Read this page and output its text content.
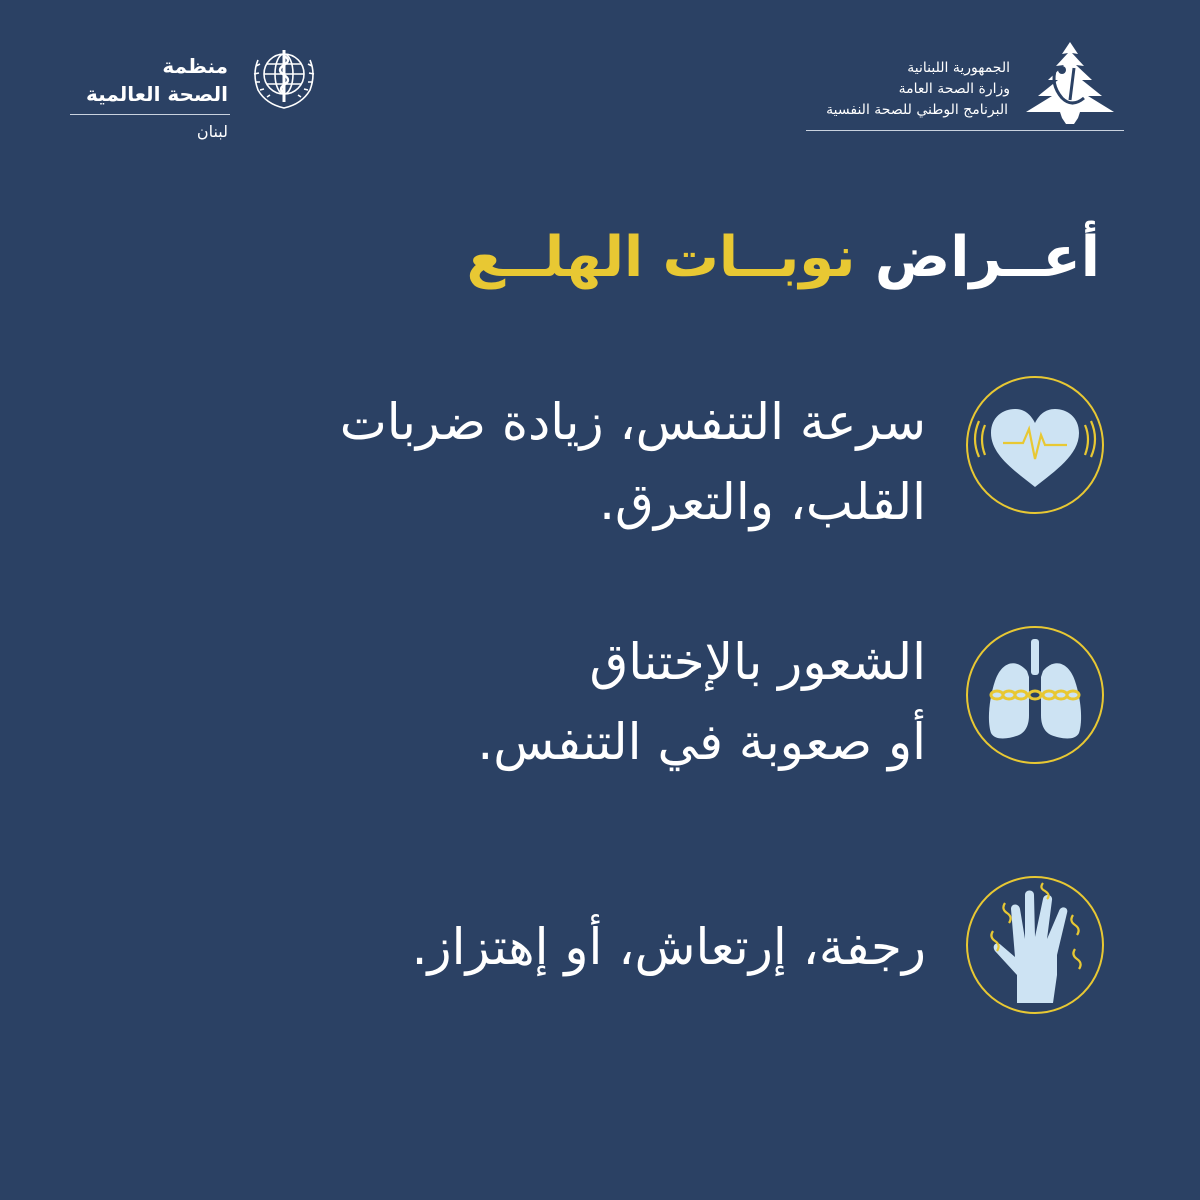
منظمة
الصحة العالمية
لبنان
الجمهورية اللبنانية
وزارة الصحة العامة
البرنامج الوطني للصحة النفسية
أعــراض نوبــات الهلــع
سرعة التنفس، زيادة ضربات
القلب، والتعرق.
الشعور بالإختناق
أو صعوبة في التنفس.
رجفة، إرتعاش، أو إهتزاز.
